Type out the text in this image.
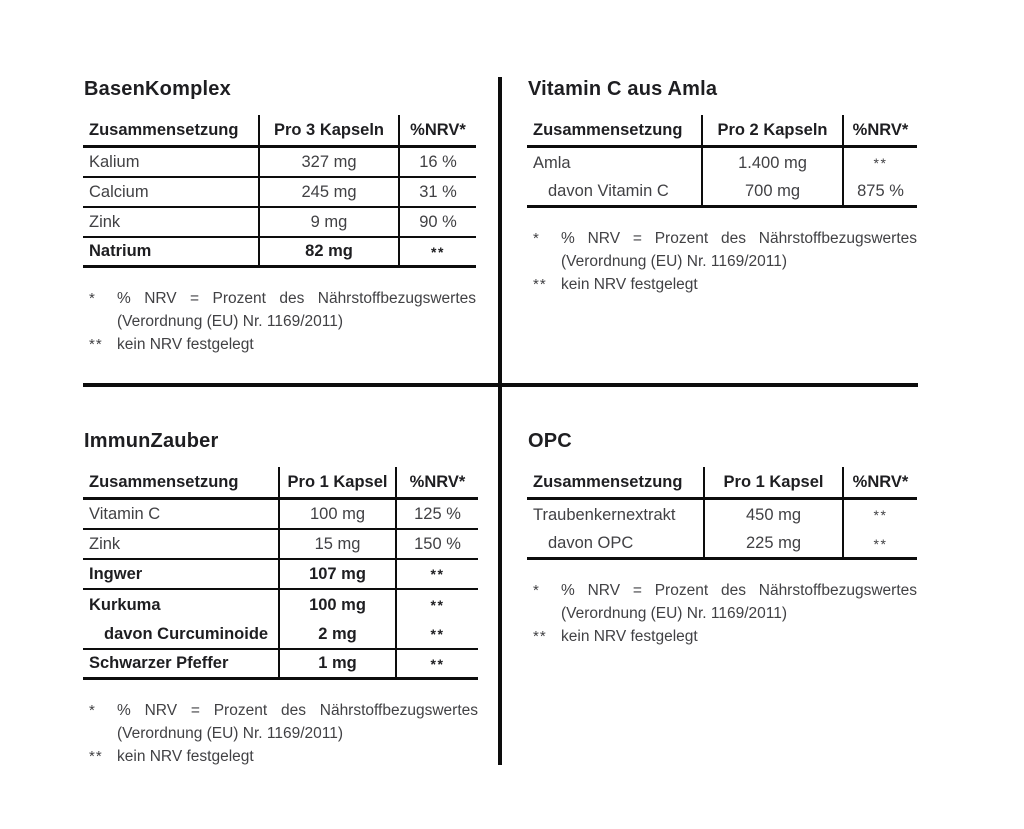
BasenKomplex
Zusammensetzung	Pro 3 Kapseln	%NRV*
Kalium	327 mg	16 %
Calcium	245 mg	31 %
Zink	9 mg	90 %
Natrium	82 mg	**
*	% NRV = Prozent des Nährstoffbezugswertes (Verordnung (EU) Nr. 1169/2011)

** kein NRV festgelegt

Vitamin C aus Amla
Zusammensetzung	Pro 2 Kapseln	%NRV*
Amla	1.400 mg	**
davon Vitamin C	700 mg	875 %
*	% NRV = Prozent des Nährstoffbezugswertes (Verordnung (EU) Nr. 1169/2011)

** kein NRV festgelegt

ImmunZauber
Zusammensetzung	Pro 1 Kapsel	%NRV*
Vitamin C	100 mg	125 %
Zink	15 mg	150 %
Ingwer	107 mg	**
Kurkuma	100 mg	**
davon Curcuminoide	2 mg	**
Schwarzer Pfeffer	1 mg	**
*	% NRV = Prozent des Nährstoffbezugswertes (Verordnung (EU) Nr. 1169/2011)

** kein NRV festgelegt

OPC
Zusammensetzung	Pro 1 Kapsel	%NRV*
Traubenkernextrakt	450 mg	**
davon OPC	225 mg	**
*	% NRV = Prozent des Nährstoffbezugswertes (Verordnung (EU) Nr. 1169/2011)

** kein NRV festgelegt
